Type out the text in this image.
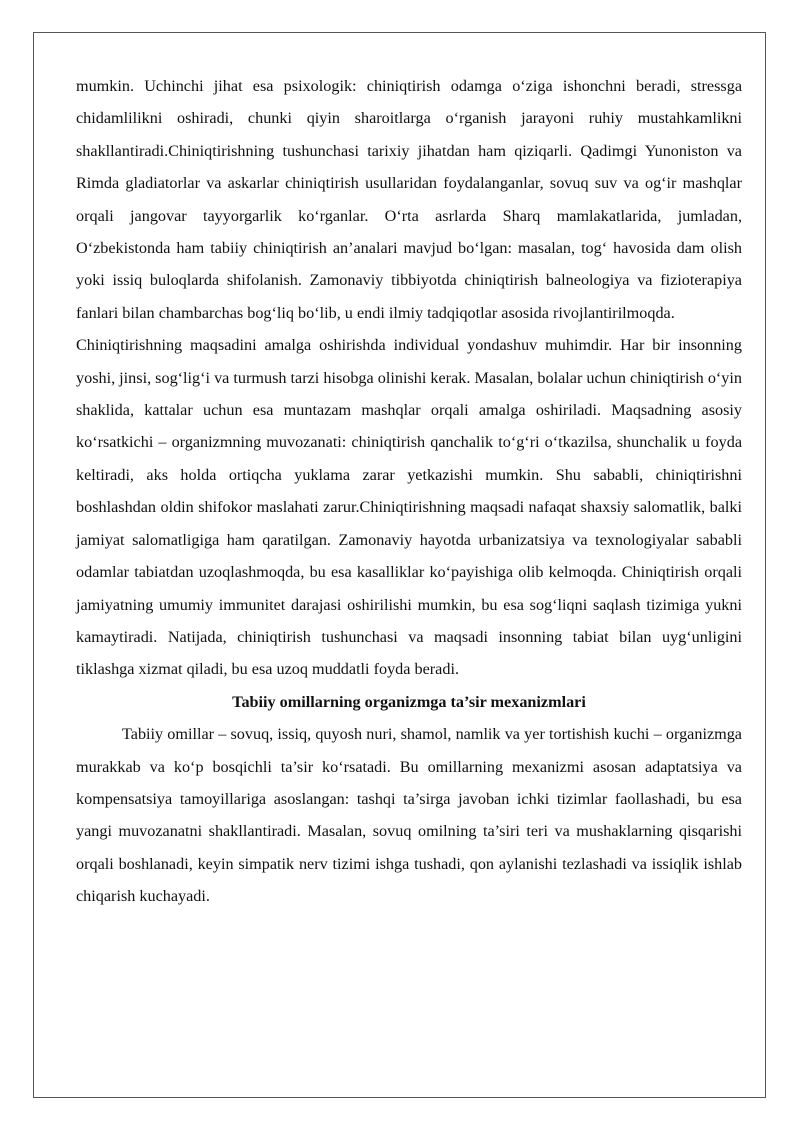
mumkin. Uchinchi jihat esa psixologik: chiniqtirish odamga o‘ziga ishonchni beradi, stressga chidamlilikni oshiradi, chunki qiyin sharoitlarga o‘rganish jarayoni ruhiy mustahkamlikni shakllantiradi.Chiniqtirishning tushunchasi tarixiy jihatdan ham qiziqarli. Qadimgi Yunoniston va Rimda gladiatorlar va askarlar chiniqtirish usullaridan foydalanganlar, sovuq suv va og‘ir mashqlar orqali jangovar tayyorgarlik ko‘rganlar. O‘rta asrlarda Sharq mamlakatlarida, jumladan, O‘zbekistonda ham tabiiy chiniqtirish an’analari mavjud bo‘lgan: masalan, tog‘ havosida dam olish yoki issiq buloqlarda shifolanish. Zamonaviy tibbiyotda chiniqtirish balneologiya va fizioterapiya fanlari bilan chambarchas bog‘liq bo‘lib, u endi ilmiy tadqiqotlar asosida rivojlantirilmoqda.

Chiniqtirishning maqsadini amalga oshirishda individual yondashuv muhimdir. Har bir insonning yoshi, jinsi, sog‘lig‘i va turmush tarzi hisobga olinishi kerak. Masalan, bolalar uchun chiniqtirish o‘yin shaklida, kattalar uchun esa muntazam mashqlar orqali amalga oshiriladi. Maqsadning asosiy ko‘rsatkichi – organizmning muvozanati: chiniqtirish qanchalik to‘g‘ri o‘tkazilsa, shunchalik u foyda keltiradi, aks holda ortiqcha yuklama zarar yetkazishi mumkin. Shu sababli, chiniqtirishni boshlashdan oldin shifokor maslahati zarur.Chiniqtirishning maqsadi nafaqat shaxsiy salomatlik, balki jamiyat salomatligiga ham qaratilgan. Zamonaviy hayotda urbanizatsiya va texnologiyalar sababli odamlar tabiatdan uzoqlashmoqda, bu esa kasalliklar ko‘payishiga olib kelmoqda. Chiniqtirish orqali jamiyatning umumiy immunitet darajasi oshirilishi mumkin, bu esa sog‘liqni saqlash tizimiga yukni kamaytiradi. Natijada, chiniqtirish tushunchasi va maqsadi insonning tabiat bilan uyg‘unligini tiklashga xizmat qiladi, bu esa uzoq muddatli foyda beradi.

Tabiiy omillarning organizmga ta’sir mexanizmlari

Tabiiy omillar – sovuq, issiq, quyosh nuri, shamol, namlik va yer tortishish kuchi – organizmga murakkab va ko‘p bosqichli ta’sir ko‘rsatadi. Bu omillarning mexanizmi asosan adaptatsiya va kompensatsiya tamoyillariga asoslangan: tashqi ta’sirga javoban ichki tizimlar faollashadi, bu esa yangi muvozanatni shakllantiradi. Masalan, sovuq omilning ta’siri teri va mushaklarning qisqarishi orqali boshlanadi, keyin simpatik nerv tizimi ishga tushadi, qon aylanishi tezlashadi va issiqlik ishlab chiqarish kuchayadi.
